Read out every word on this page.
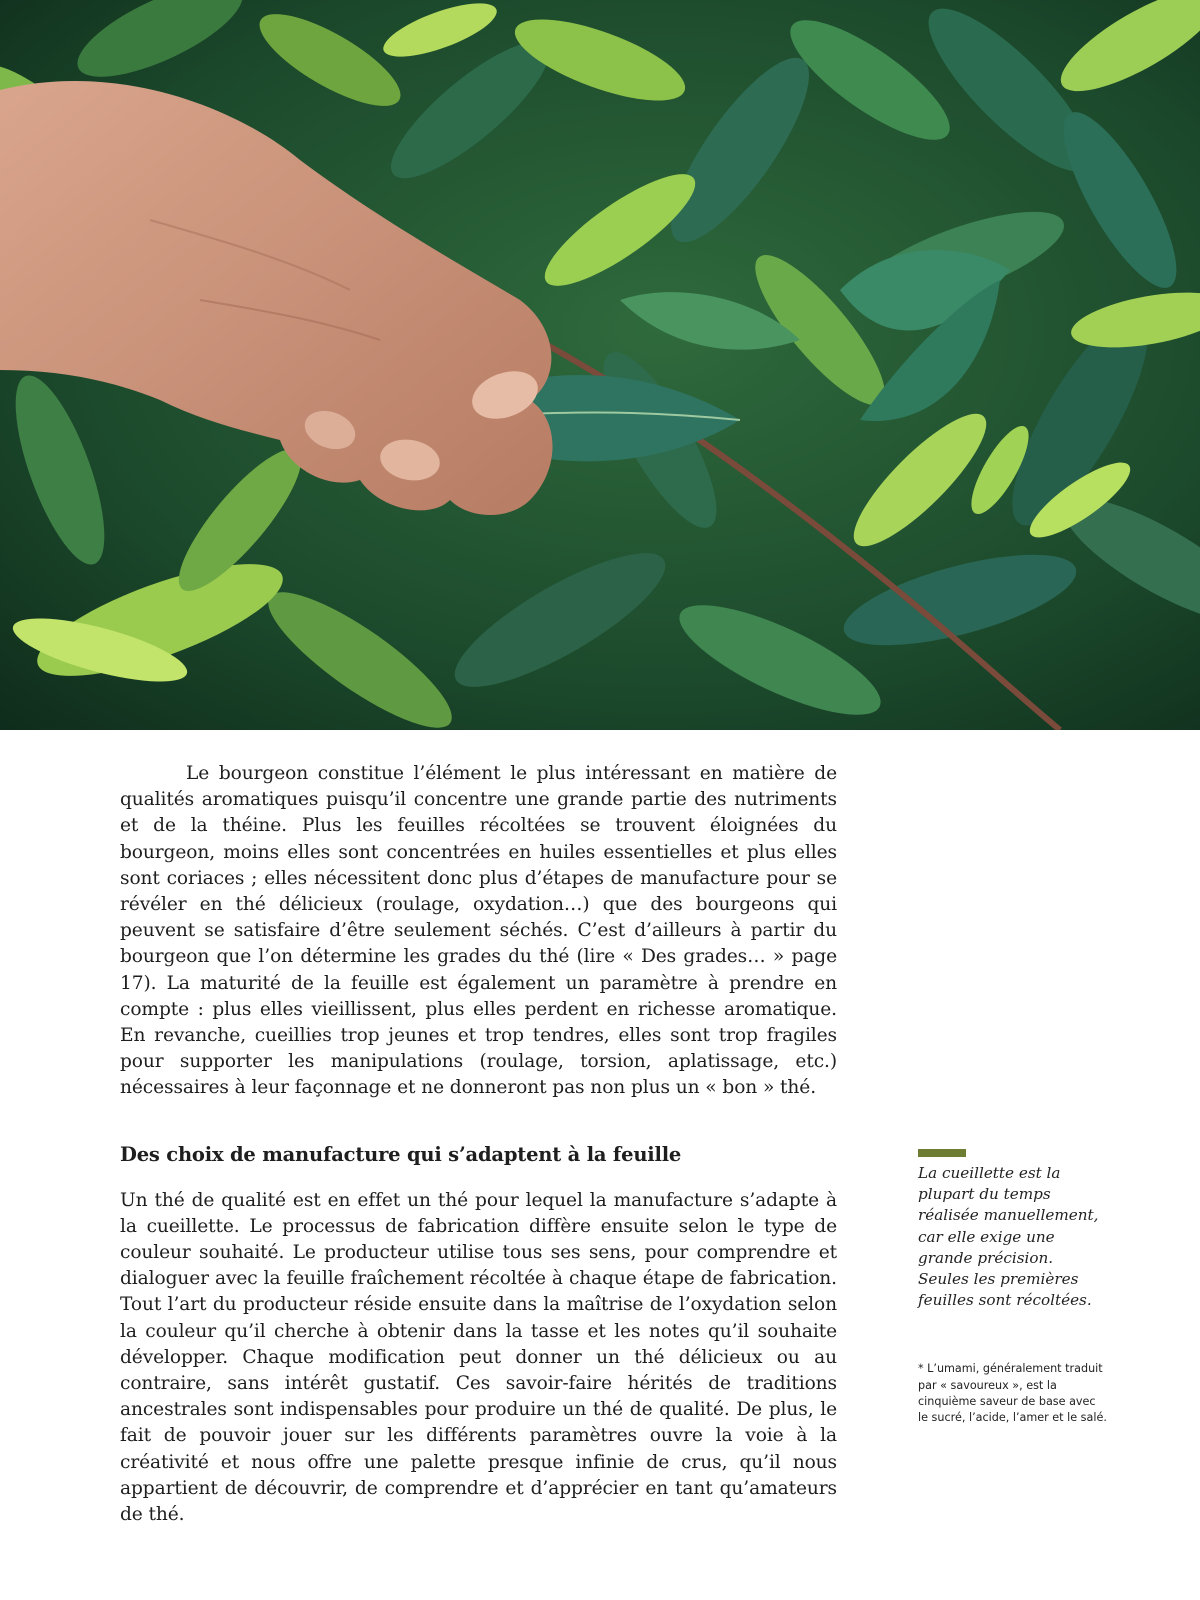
Le bourgeon constitue l’élément le plus intéressant en matière de qualités aromatiques puisqu’il concentre une grande partie des nutriments et de la théine. Plus les feuilles récoltées se trouvent éloignées du bourgeon, moins elles sont concentrées en huiles essentielles et plus elles sont coriaces ; elles nécessitent donc plus d’étapes de manufacture pour se révéler en thé délicieux (roulage, oxydation…) que des bourgeons qui peuvent se satisfaire d’être seulement séchés. C’est d’ailleurs à partir du bourgeon que l’on détermine les grades du thé (lire « Des grades… » page 17). La maturité de la feuille est également un paramètre à prendre en compte : plus elles vieillissent, plus elles perdent en richesse aromatique. En revanche, cueillies trop jeunes et trop tendres, elles sont trop fragiles pour supporter les manipulations (roulage, torsion, aplatissage, etc.) nécessaires à leur façonnage et ne donneront pas non plus un « bon » thé.

Des choix de manufacture qui s’adaptent à la feuille

Un thé de qualité est en effet un thé pour lequel la manufacture s’adapte à la cueillette. Le processus de fabrication diffère ensuite selon le type de couleur souhaité. Le producteur utilise tous ses sens, pour comprendre et dialoguer avec la feuille fraîchement récoltée à chaque étape de fabrication. Tout l’art du producteur réside ensuite dans la maîtrise de l’oxydation selon la couleur qu’il cherche à obtenir dans la tasse et les notes qu’il souhaite développer. Chaque modification peut donner un thé délicieux ou au contraire, sans intérêt gustatif. Ces savoir-faire hérités de traditions ancestrales sont indispensables pour produire un thé de qualité. De plus, le fait de pouvoir jouer sur les différents paramètres ouvre la voie à la créativité et nous offre une palette presque infinie de crus, qu’il nous appartient de découvrir, de comprendre et d’apprécier en tant qu’amateurs de thé.

La cueillette est la plupart du temps réalisée manuellement, car elle exige une grande précision. Seules les premières feuilles sont récoltées.

* L’umami, généralement traduit par « savoureux », est la cinquième saveur de base avec le sucré, l’acide, l’amer et le salé.
